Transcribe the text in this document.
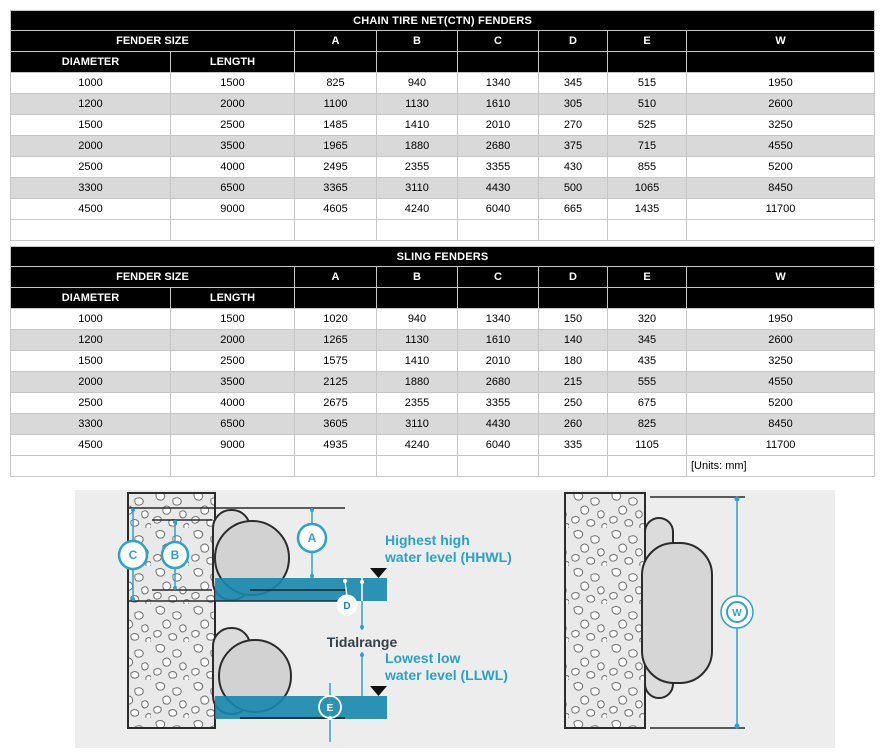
CHAIN TIRE NET(CTN) FENDERS							
FENDER SIZE		A	B	C	D	E	W
DIAMETER	LENGTH						
1000	1500	825	940	1340	345	515	1950
1200	2000	1100	1130	1610	305	510	2600
1500	2500	1485	1410	2010	270	525	3250
2000	3500	1965	1880	2680	375	715	4550
2500	4000	2495	2355	3355	430	855	5200
3300	6500	3365	3110	4430	500	1065	8450
4500	9000	4605	4240	6040	665	1435	11700

SLING FENDERS							
FENDER SIZE		A	B	C	D	E	W
DIAMETER	LENGTH						
1000	1500	1020	940	1340	150	320	1950
1200	2000	1265	1130	1610	140	345	2600
1500	2500	1575	1410	2010	180	435	3250
2000	3500	2125	1880	2680	215	555	4550
2500	4000	2675	2355	3355	250	675	5200
3300	6500	3605	3110	4430	260	825	8450
4500	9000	4935	4240	6040	335	1105	11700
							[Units: mm]
C	B
A
D
E
Highest high
water level (HHWL)
Tidalrange
Lowest low
water level (LLWL)
W
